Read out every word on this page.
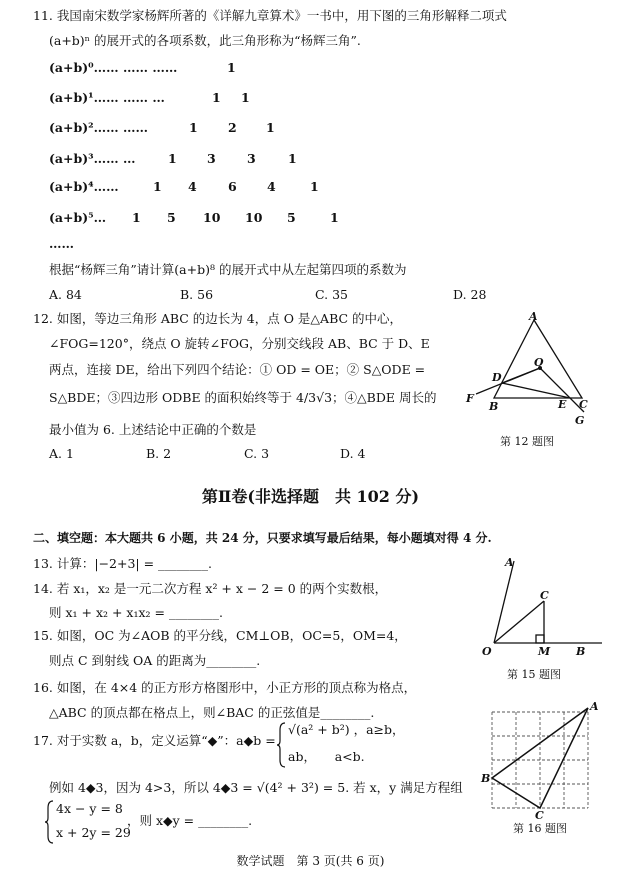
11. 我国南宋数学家杨辉所著的《详解九章算术》一书中，用下图的三角形解释二项式
(a+b)ⁿ 的展开式的各项系数，此三角形称为“杨辉三角”.
(a+b)⁰…… …… ……	1
(a+b)¹…… …… …	1 1
(a+b)²…… ……	1 2 1
(a+b)³…… …	1 3	3	1
(a+b)⁴……	1 4	6 4	1
(a+b)⁵… 1 5 10 10 5	1
……
根据“杨辉三角”请计算(a+b)⁸ 的展开式中从左起第四项的系数为
A. 84	B. 56	C. 35	D. 28
12. 如图，等边三角形 ABC 的边长为 4，点 O 是△ABC 的中心，
∠FOG=120°，绕点 O 旋转∠FOG，分别交线段 AB、BC 于 D、E
两点，连接 DE，给出下列四个结论：① OD = OE；② S△ODE =
S△BDE；③四边形 ODBE 的面积始终等于 4/3√3；④△BDE 周长的
最小值为 6. 上述结论中正确的个数是
A. 1	B. 2	C. 3	D. 4
A
O
D
F
B	E C
G
第 12 题图
第Ⅱ卷(非选择题　共 102 分)
二、填空题：本大题共 6 小题，共 24 分，只要求填写最后结果，每小题填对得 4 分.
13. 计算：|−2+3| = ________.
14. 若 x₁，x₂ 是一元二次方程 x² + x − 2 = 0 的两个实数根，
则 x₁ + x₂ + x₁x₂ = ________.
15. 如图，OC 为∠AOB 的平分线，CM⊥OB，OC=5，OM=4，
则点 C 到射线 OA 的距离为________.
A
C
O	M B
第 15 题图
16. 如图，在 4×4 的正方形方格图形中，小正方形的顶点称为格点，
△ABC 的顶点都在格点上，则∠BAC 的正弦值是________.	A
B
C
第 16 题图
17. 对于实数 a，b，定义运算“◆”：a◆b =
√(a² + b²) ，a≥b，
ab，　　a<b.
例如 4◆3，因为 4>3，所以 4◆3 = √(4² + 3²) = 5. 若 x，y 满足方程组
4x − y = 8
x + 2y = 29
，则 x◆y = ________.
数学试题　第 3 页(共 6 页)
